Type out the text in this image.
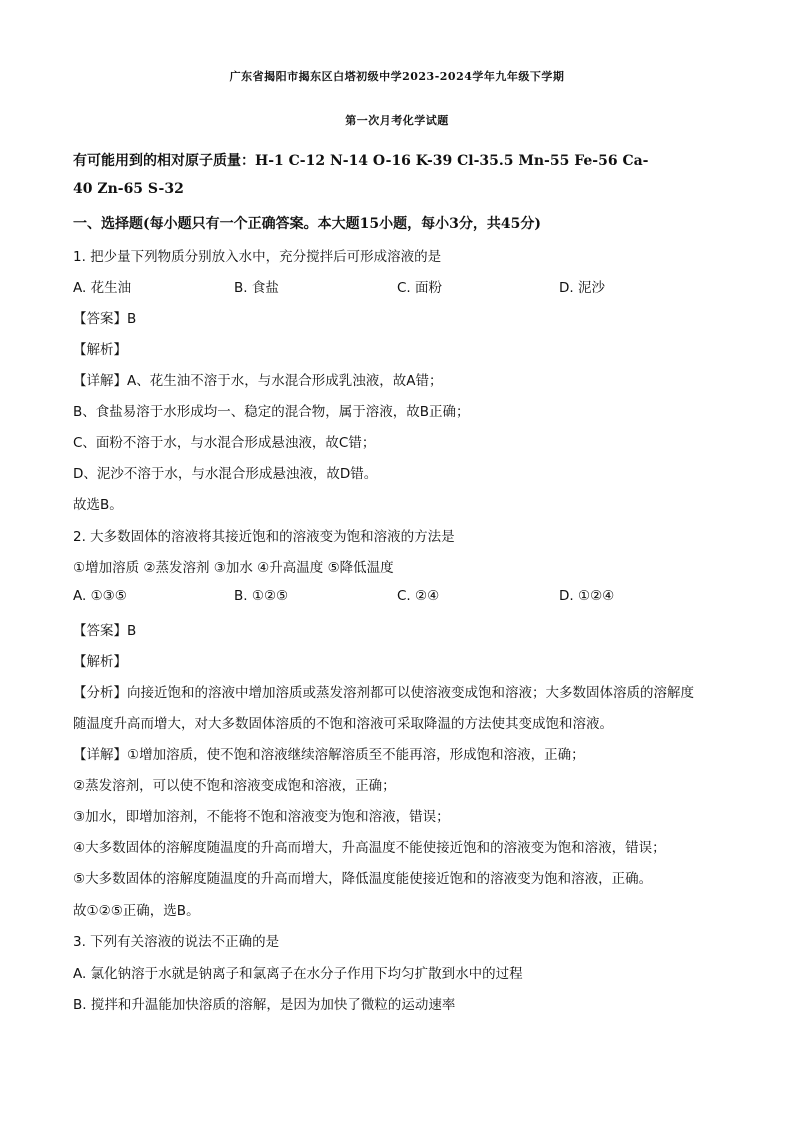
广东省揭阳市揭东区白塔初级中学2023-2024学年九年级下学期
第一次月考化学试题
有可能用到的相对原子质量：H-1 C-12 N-14 O-16 K-39 Cl-35.5 Mn-55 Fe-56 Ca-
40 Zn-65 S-32
一、选择题(每小题只有一个正确答案。本大题15小题，每小3分，共45分)
1. 把少量下列物质分别放入水中，充分搅拌后可形成溶液的是
A. 花生油	B. 食盐	C. 面粉	D. 泥沙
【答案】B
【解析】
【详解】A、花生油不溶于水，与水混合形成乳浊液，故A错；
B、食盐易溶于水形成均一、稳定的混合物，属于溶液，故B正确；
C、面粉不溶于水，与水混合形成悬浊液，故C错；
D、泥沙不溶于水，与水混合形成悬浊液，故D错。
故选B。
2. 大多数固体的溶液将其接近饱和的溶液变为饱和溶液的方法是
①增加溶质 ②蒸发溶剂 ③加水 ④升高温度 ⑤降低温度
A. ①③⑤	B. ①②⑤	C. ②④	D. ①②④
【答案】B
【解析】
【分析】向接近饱和的溶液中增加溶质或蒸发溶剂都可以使溶液变成饱和溶液；大多数固体溶质的溶解度
随温度升高而增大，对大多数固体溶质的不饱和溶液可采取降温的方法使其变成饱和溶液。
【详解】①增加溶质，使不饱和溶液继续溶解溶质至不能再溶，形成饱和溶液，正确；
②蒸发溶剂，可以使不饱和溶液变成饱和溶液，正确；
③加水，即增加溶剂，不能将不饱和溶液变为饱和溶液，错误；
④大多数固体的溶解度随温度的升高而增大，升高温度不能使接近饱和的溶液变为饱和溶液，错误；
⑤大多数固体的溶解度随温度的升高而增大，降低温度能使接近饱和的溶液变为饱和溶液，正确。
故①②⑤正确，选B。
3. 下列有关溶液的说法不正确的是
A. 氯化钠溶于水就是钠离子和氯离子在水分子作用下均匀扩散到水中的过程
B. 搅拌和升温能加快溶质的溶解，是因为加快了微粒的运动速率
